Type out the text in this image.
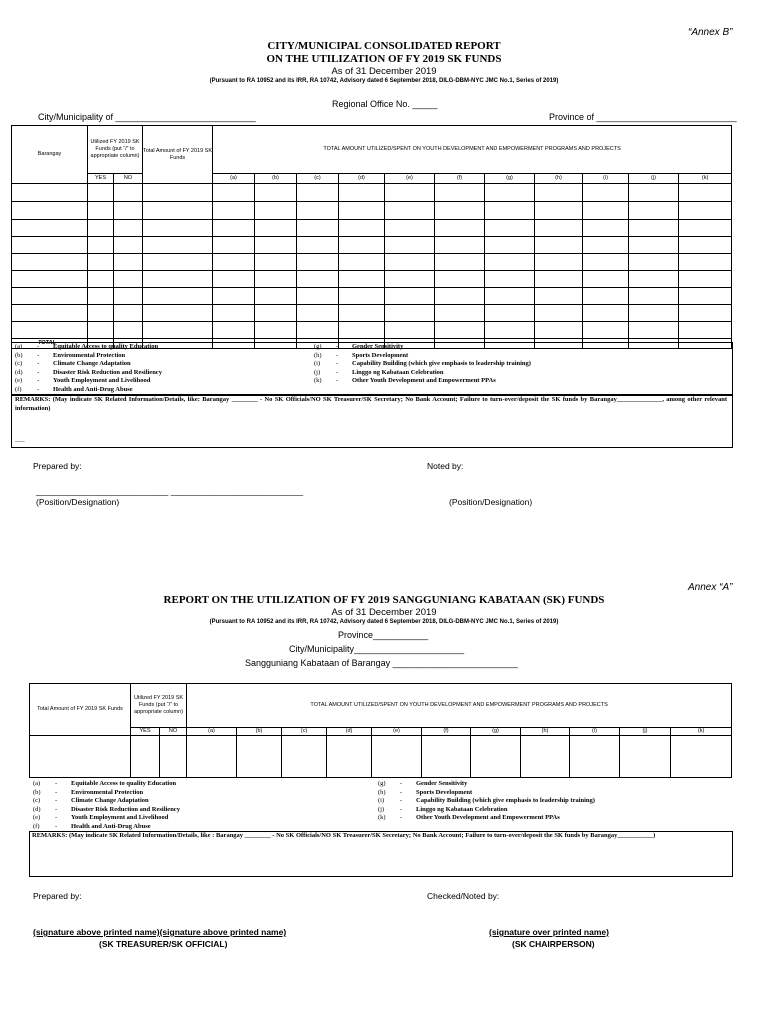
“Annex B”
CITY/MUNICIPAL CONSOLIDATED REPORT
ON THE UTILIZATION OF FY 2019 SK FUNDS
As of 31 December 2019
(Pursuant to RA 10952 and its IRR, RA 10742, Advisory dated 6 September 2018, DILG-DBM-NYC JMC No.1, Series of 2019)
Regional Office No. _____
City/Municipality of ____________________________	Province of ____________________________
Barangay	Utilized FY 2019 SK Funds (put “/” to appropriate column)		Total Amount of FY 2019 SK Funds	TOTAL AMOUNT UTILIZED/SPENT ON YOUTH DEVELOPMENT AND EMPOWERMENT PROGRAMS AND PROJECTS										
	YES	NO		(a)	(b)	(c)	(d)	(e)	(f)	(g)	(h)	(i)	(j)	(k)

TOTAL														
(a)	-	Equitable Access to quality Education
(b)	-	Environmental Protection
(c)	-	Climate Change Adaptation
(d)	-	Disaster Risk Reduction and Resiliency
(e)	-	Youth Employment and Livelihood
(f)	-	Health and Anti-Drug Abuse
(g)	-	Gender Sensitivity
(h)	-	Sports Development
(i)	-	Capability Building (which give emphasis to leadership training)
(j)	-	Linggo ng Kabataan Celebration
(k)	-	Other Youth Development and Empowerment PPAs
REMARKS: (May indicate SK Related Information/Details, like: Barangay ________ - No SK Officials/NO SK Treasurer/SK Secretary; No Bank Account; Failure to turn-over/deposit the SK funds by Barangay______________, among other relevant information)
___
Prepared by:	Noted by:
____________________________ ____________________________
(Position/Designation)	(Position/Designation)
Annex “A”
REPORT ON THE UTILIZATION OF FY 2019 SANGGUNIANG KABATAAN (SK) FUNDS
As of 31 December 2019
(Pursuant to RA 10952 and its IRR, RA 10742, Advisory dated 6 September 2018, DILG-DBM-NYC JMC No.1, Series of 2019)
Province___________
City/Municipality______________________
Sangguniang Kabataan of Barangay _________________________
Total Amount of FY 2019 SK Funds	Utilized FY 2019 SK Funds (put “/” to appropriate column)		TOTAL AMOUNT UTILIZED/SPENT ON YOUTH DEVELOPMENT AND EMPOWERMENT PROGRAMS AND PROJECTS										
	YES	NO	(a)	(b)	(c)	(d)	(e)	(f)	(g)	(h)	(i)	(j)	(k)

(a)	-	Equitable Access to quality Education
(b)	-	Environmental Protection
(c)	-	Climate Change Adaptation
(d)	-	Disaster Risk Reduction and Resiliency
(e)	-	Youth Employment and Livelihood
(f)	-	Health and Anti-Drug Abuse
(g)	-	Gender Sensitivity
(h)	-	Sports Development
(i)	-	Capability Building (which give emphasis to leadership training)
(j)	-	Linggo ng Kabataan Celebration
(k)	-	Other Youth Development and Empowerment PPAs
REMARKS: (May indicate SK Related Information/Details, like : Barangay ________ - No SK Officials/NO SK Treasurer/SK Secretary; No Bank Account; Failure to turn-over/deposit the SK funds by Barangay___________)
Prepared by:	Checked/Noted by:
(signature above printed name)(signature above printed name)
(SK TREASURER/SK OFFICIAL)
(signature over printed name)
(SK CHAIRPERSON)
